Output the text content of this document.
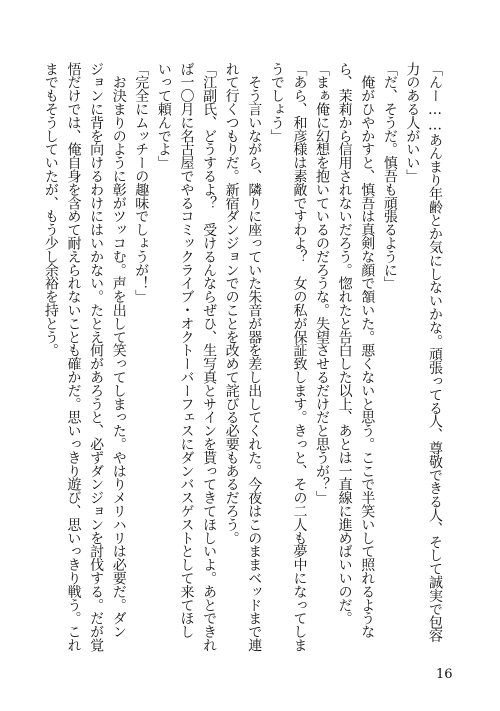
「んー……あんまり年齢とか気にしないかな。頑張ってる人、尊敬できる人、そして誠実で包容
力のある人がいい」
「だ、そうだ。慎吾も頑張るように」
　俺がひやかすと、慎吾は真剣な顔で頷いた。悪くないと思う。ここで半笑いして照れるような
ら、茉莉から信用されないだろう。惚れたと告白した以上、あとは一直線に進めばいいのだ。
「まぁ俺に幻想を抱いているのだろうな。失望させるだけだと思うが？」
「あら、和彦様は素敵ですわよ？　女の私が保証致します。きっと、その二人も夢中になってしま
うでしょう」
　そう言いながら、隣りに座っていた朱音が器を差し出してくれた。今夜はこのままベッドまで連
れて行くつもりだ。新宿ダンジョンでのことを改めて詫びる必要もあるだろう。
「江副氏、どうするよ？　受けるんならぜひ、生写真とサインを貰ってきてほしいよ。あとできれ
ば一〇月に名古屋でやるコミックライブ・オクトーバーフェスにダンバスゲストとして来てほし
いって頼んでよ」
「完全にムッチーの趣味でしょうが！」
　お決まりのように彰がツッコむ。声を出して笑ってしまった。やはりメリハリは必要だ。ダン
ジョンに背を向けるわけにはいかない。たとえ何があろうと、必ずダンジョンを討伐する。だが覚
悟だけでは、俺自身を含めて耐えられないことも確かだ。思いっきり遊び、思いっきり戦う。これ
までもそうしていたが、もう少し余裕を持とう。
16
